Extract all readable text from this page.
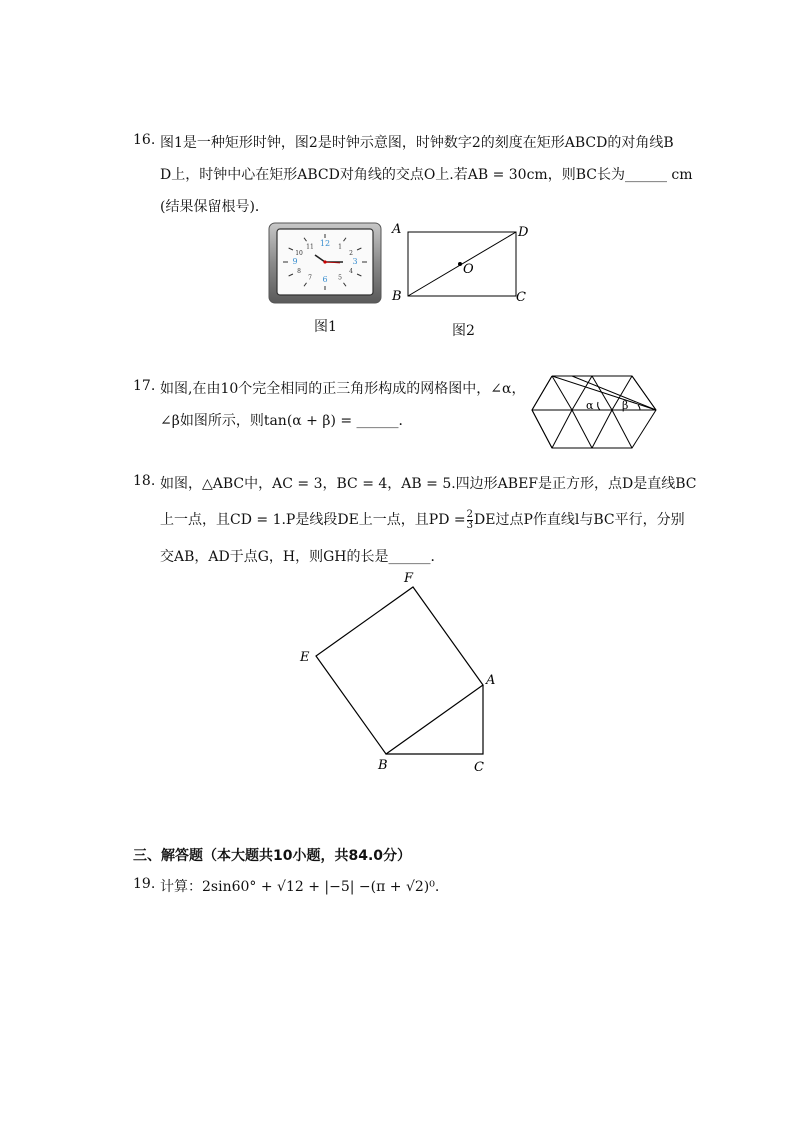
16. 图1是一种矩形时钟，图2是时钟示意图，时钟数字2的刻度在矩形ABCD的对角线B
D上，时钟中心在矩形ABCD对角线的交点O上.若AB = 30cm，则BC长为______ cm
(结果保留根号)．
12 1
2
3
4
5
6
7
8
9
10
11
图1
A	D
B	C
O
图2
17. 如图,在由10个完全相同的正三角形构成的网格图中，∠α，
∠β如图所示，则tan(α + β) = ______．
α	β
18. 如图，△ABC中，AC = 3，BC = 4，AB = 5.四边形ABEF是正方形，点D是直线BC
上一点，且CD = 1.P是线段DE上一点，且PD = $\frac{2}{3}$ DE过点P作直线l与BC平行，分别
交AB，AD于点G，H，则GH的长是______．
F
E
A
B	C
三、解答题（本大题共10小题，共84.0分）
19. 计算：2sin60° + √12 + |−5| −(π + √2)⁰.
